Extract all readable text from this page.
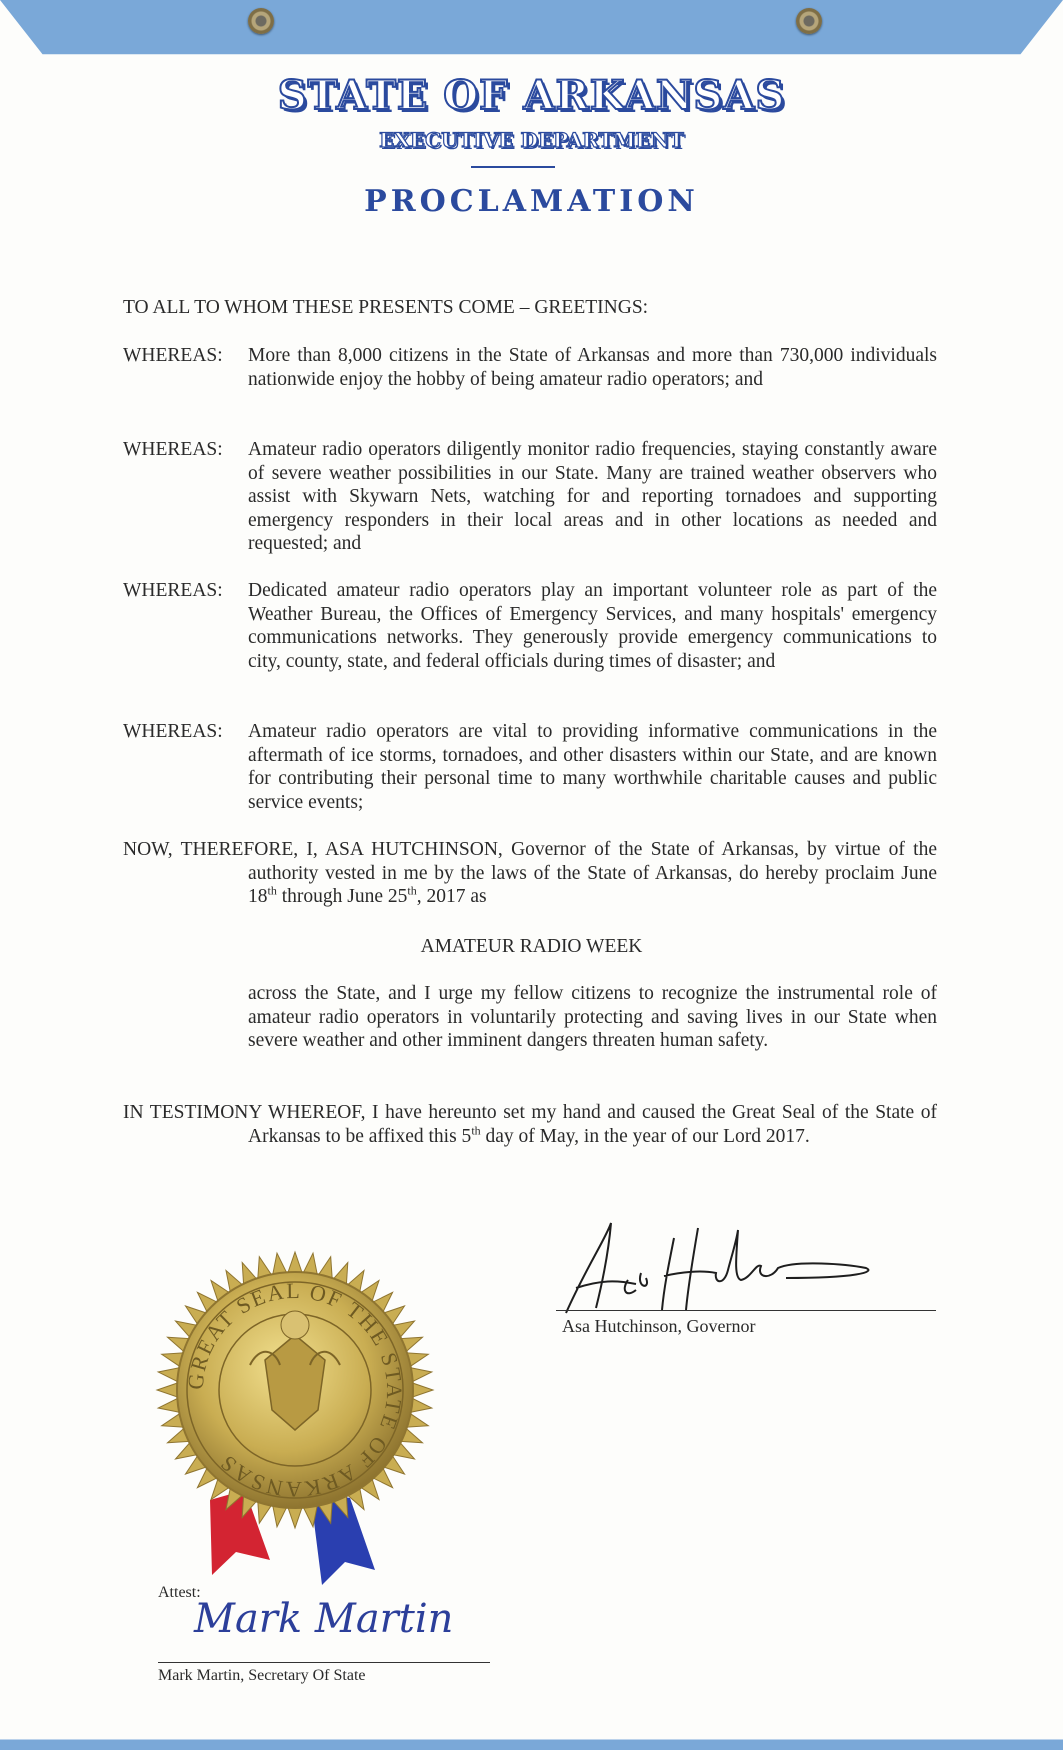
STATE OF ARKANSAS
EXECUTIVE DEPARTMENT
PROCLAMATION
TO ALL TO WHOM THESE PRESENTS COME – GREETINGS:
WHEREAS: More than 8,000 citizens in the State of Arkansas and more than 730,000 individuals nationwide enjoy the hobby of being amateur radio operators; and
WHEREAS: Amateur radio operators diligently monitor radio frequencies, staying constantly aware of severe weather possibilities in our State. Many are trained weather observers who assist with Skywarn Nets, watching for and reporting tornadoes and supporting emergency responders in their local areas and in other locations as needed and requested; and
WHEREAS: Dedicated amateur radio operators play an important volunteer role as part of the Weather Bureau, the Offices of Emergency Services, and many hospitals' emergency communications networks. They generously provide emergency communications to city, county, state, and federal officials during times of disaster; and
WHEREAS: Amateur radio operators are vital to providing informative communications in the aftermath of ice storms, tornadoes, and other disasters within our State, and are known for contributing their personal time to many worthwhile charitable causes and public service events;
NOW, THEREFORE, I, ASA HUTCHINSON, Governor of the State of Arkansas, by virtue of the authority vested in me by the laws of the State of Arkansas, do hereby proclaim June 18th through June 25th, 2017 as
AMATEUR RADIO WEEK
across the State, and I urge my fellow citizens to recognize the instrumental role of amateur radio operators in voluntarily protecting and saving lives in our State when severe weather and other imminent dangers threaten human safety.
IN TESTIMONY WHEREOF, I have hereunto set my hand and caused the Great Seal of the State of Arkansas to be affixed this 5th day of May, in the year of our Lord 2017.
Asa Hutchinson, Governor
GREAT SEAL OF THE STATE OF ARKANSAS
Attest:
Mark Martin
Mark Martin, Secretary Of State
